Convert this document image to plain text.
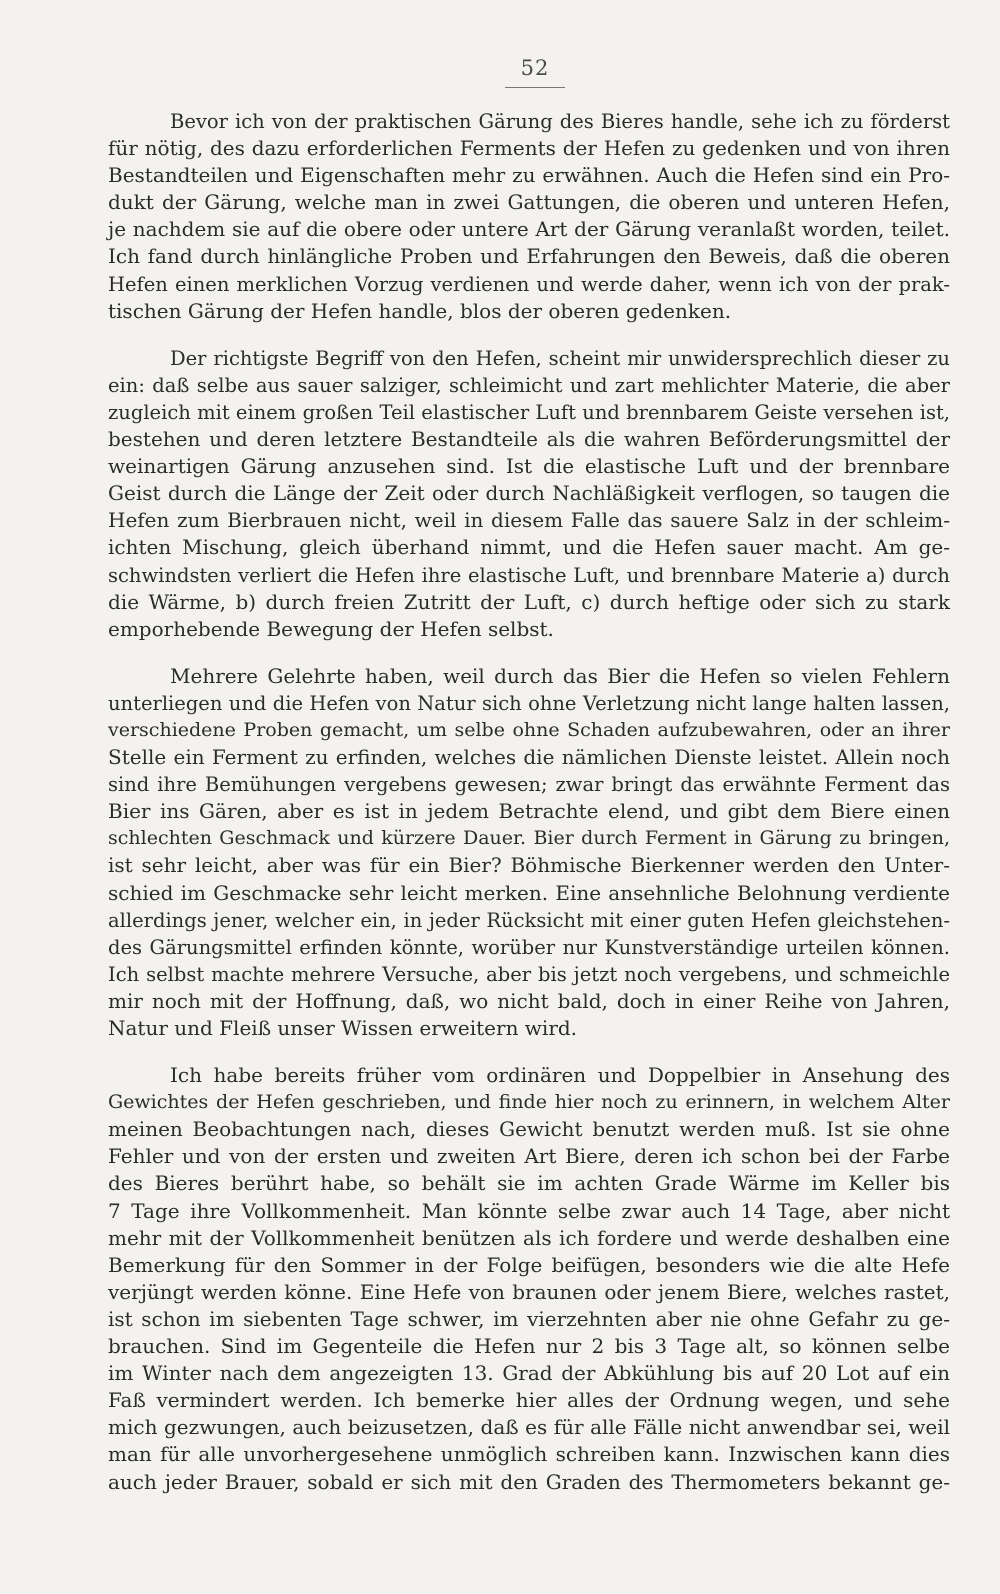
52
Bevor ich von der praktischen Gärung des Bieres handle, sehe ich zu förderst
für nötig, des dazu erforderlichen Ferments der Hefen zu gedenken und von ihren
Bestandteilen und Eigenschaften mehr zu erwähnen. Auch die Hefen sind ein Pro-
dukt der Gärung, welche man in zwei Gattungen, die oberen und unteren Hefen,
je nachdem sie auf die obere oder untere Art der Gärung veranlaßt worden, teilet.
Ich fand durch hinlängliche Proben und Erfahrungen den Beweis, daß die oberen
Hefen einen merklichen Vorzug verdienen und werde daher, wenn ich von der prak-
tischen Gärung der Hefen handle, blos der oberen gedenken.
Der richtigste Begriff von den Hefen, scheint mir unwidersprechlich dieser zu
ein: daß selbe aus sauer salziger, schleimicht und zart mehlichter Materie, die aber
zugleich mit einem großen Teil elastischer Luft und brennbarem Geiste versehen ist,
bestehen und deren letztere Bestandteile als die wahren Beförderungsmittel der
weinartigen Gärung anzusehen sind. Ist die elastische Luft und der brennbare
Geist durch die Länge der Zeit oder durch Nachläßigkeit verflogen, so taugen die
Hefen zum Bierbrauen nicht, weil in diesem Falle das sauere Salz in der schleim-
ichten Mischung, gleich überhand nimmt, und die Hefen sauer macht. Am ge-
schwindsten verliert die Hefen ihre elastische Luft, und brennbare Materie a) durch
die Wärme, b) durch freien Zutritt der Luft, c) durch heftige oder sich zu stark
emporhebende Bewegung der Hefen selbst.
Mehrere Gelehrte haben, weil durch das Bier die Hefen so vielen Fehlern
unterliegen und die Hefen von Natur sich ohne Verletzung nicht lange halten lassen,
verschiedene Proben gemacht, um selbe ohne Schaden aufzubewahren, oder an ihrer
Stelle ein Ferment zu erfinden, welches die nämlichen Dienste leistet. Allein noch
sind ihre Bemühungen vergebens gewesen; zwar bringt das erwähnte Ferment das
Bier ins Gären, aber es ist in jedem Betrachte elend, und gibt dem Biere einen
schlechten Geschmack und kürzere Dauer. Bier durch Ferment in Gärung zu bringen,
ist sehr leicht, aber was für ein Bier? Böhmische Bierkenner werden den Unter-
schied im Geschmacke sehr leicht merken. Eine ansehnliche Belohnung verdiente
allerdings jener, welcher ein, in jeder Rücksicht mit einer guten Hefen gleichstehen-
des Gärungsmittel erfinden könnte, worüber nur Kunstverständige urteilen können.
Ich selbst machte mehrere Versuche, aber bis jetzt noch vergebens, und schmeichle
mir noch mit der Hoffnung, daß, wo nicht bald, doch in einer Reihe von Jahren,
Natur und Fleiß unser Wissen erweitern wird.
Ich habe bereits früher vom ordinären und Doppelbier in Ansehung des
Gewichtes der Hefen geschrieben, und finde hier noch zu erinnern, in welchem Alter
meinen Beobachtungen nach, dieses Gewicht benutzt werden muß. Ist sie ohne
Fehler und von der ersten und zweiten Art Biere, deren ich schon bei der Farbe
des Bieres berührt habe, so behält sie im achten Grade Wärme im Keller bis
7 Tage ihre Vollkommenheit. Man könnte selbe zwar auch 14 Tage, aber nicht
mehr mit der Vollkommenheit benützen als ich fordere und werde deshalben eine
Bemerkung für den Sommer in der Folge beifügen, besonders wie die alte Hefe
verjüngt werden könne. Eine Hefe von braunen oder jenem Biere, welches rastet,
ist schon im siebenten Tage schwer, im vierzehnten aber nie ohne Gefahr zu ge-
brauchen. Sind im Gegenteile die Hefen nur 2 bis 3 Tage alt, so können selbe
im Winter nach dem angezeigten 13. Grad der Abkühlung bis auf 20 Lot auf ein
Faß vermindert werden. Ich bemerke hier alles der Ordnung wegen, und sehe
mich gezwungen, auch beizusetzen, daß es für alle Fälle nicht anwendbar sei, weil
man für alle unvorhergesehene unmöglich schreiben kann. Inzwischen kann dies
auch jeder Brauer, sobald er sich mit den Graden des Thermometers bekannt ge-
